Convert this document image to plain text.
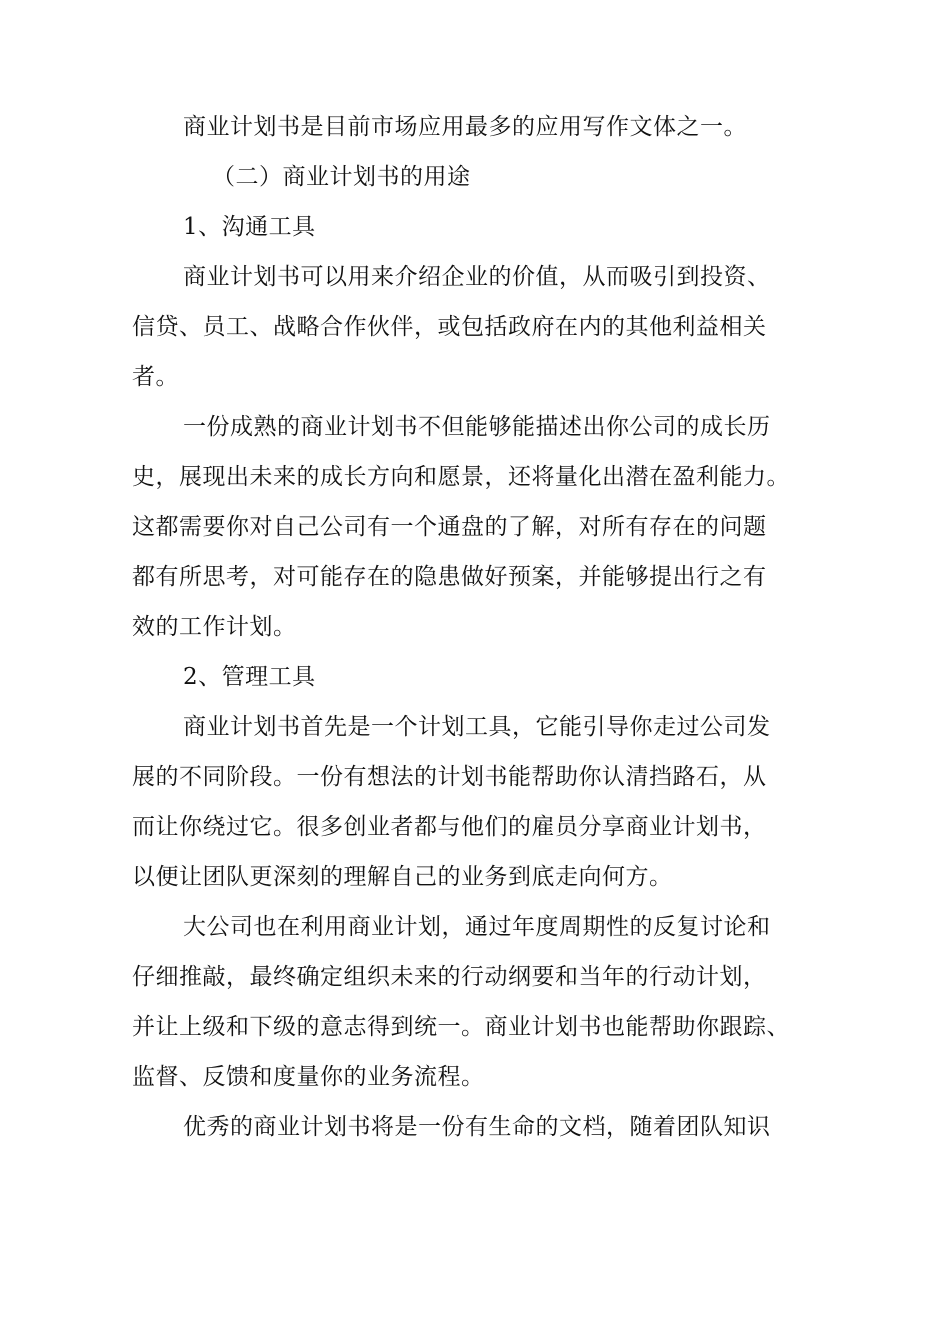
商业计划书是目前市场应用最多的应用写作文体之一。
（二）商业计划书的用途
1、沟通工具
商业计划书可以用来介绍企业的价值，从而吸引到投资、
信贷、员工、战略合作伙伴，或包括政府在内的其他利益相关
者。
一份成熟的商业计划书不但能够能描述出你公司的成长历
史，展现出未来的成长方向和愿景，还将量化出潜在盈利能力。
这都需要你对自己公司有一个通盘的了解，对所有存在的问题
都有所思考，对可能存在的隐患做好预案，并能够提出行之有
效的工作计划。
2、管理工具
商业计划书首先是一个计划工具，它能引导你走过公司发
展的不同阶段。一份有想法的计划书能帮助你认清挡路石，从
而让你绕过它。很多创业者都与他们的雇员分享商业计划书，
以便让团队更深刻的理解自己的业务到底走向何方。
大公司也在利用商业计划，通过年度周期性的反复讨论和
仔细推敲，最终确定组织未来的行动纲要和当年的行动计划，
并让上级和下级的意志得到统一。商业计划书也能帮助你跟踪、
监督、反馈和度量你的业务流程。
优秀的商业计划书将是一份有生命的文档，随着团队知识
